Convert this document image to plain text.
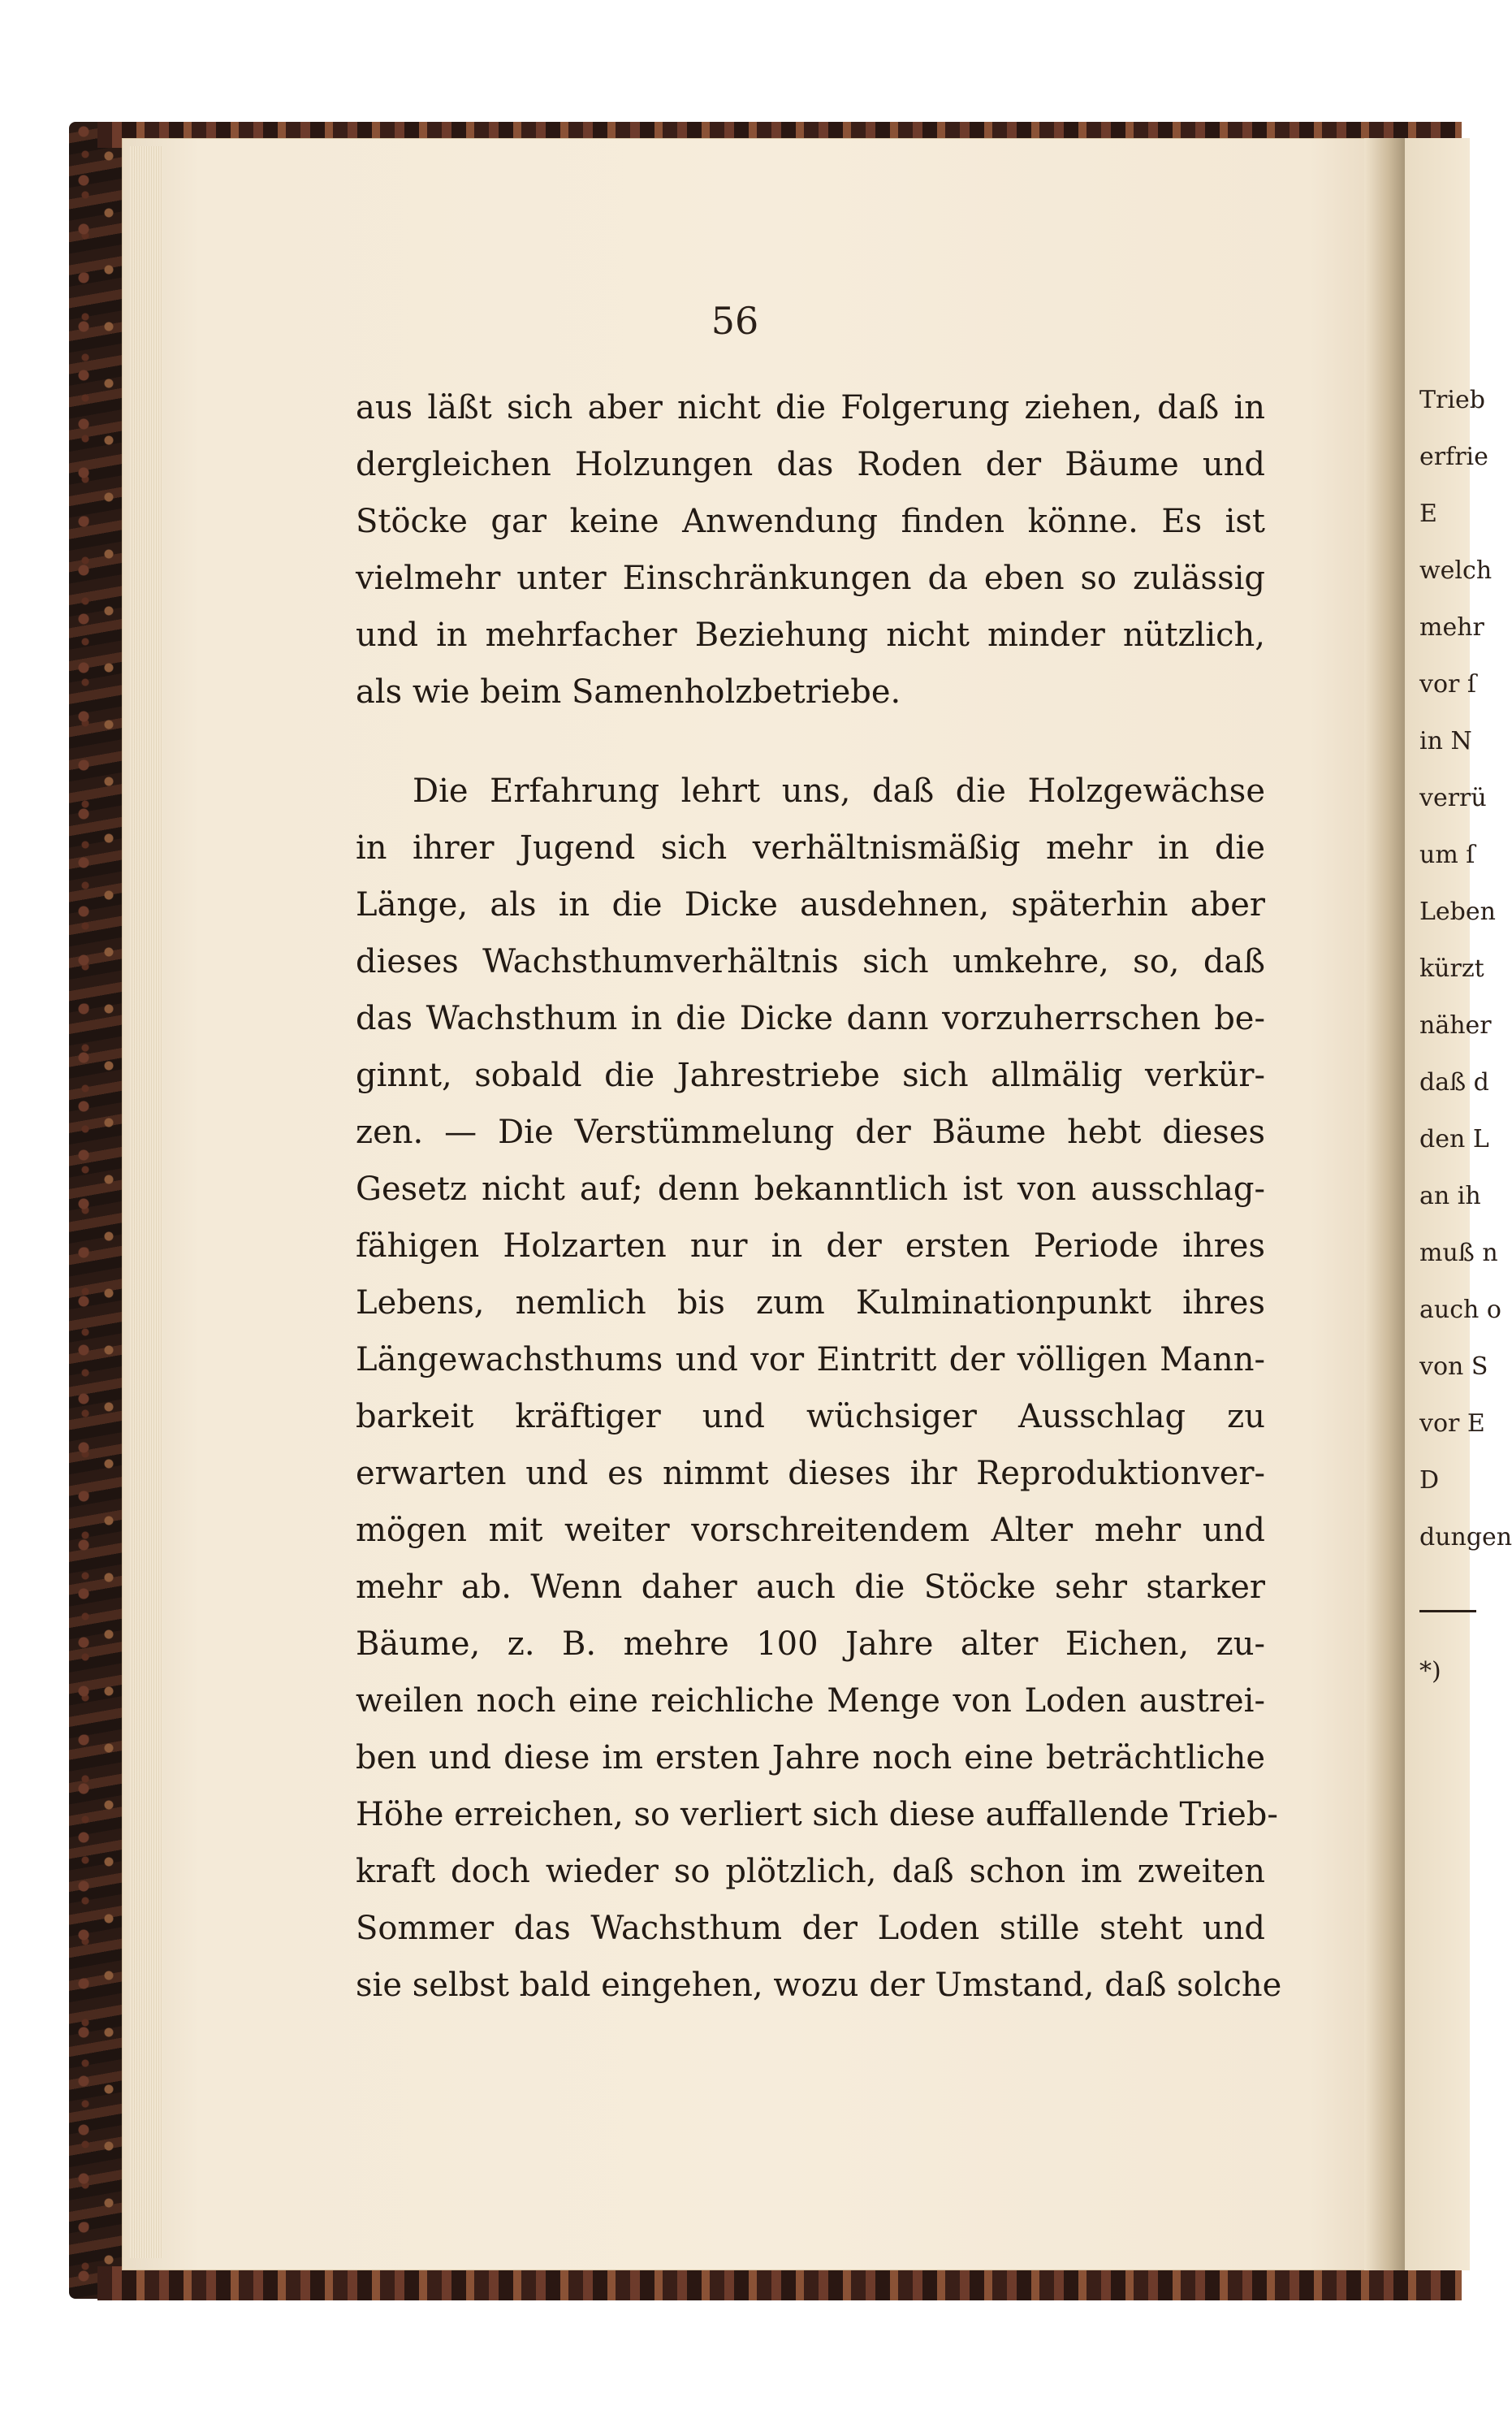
Trieb
erfrie
E
welch
mehr
vor ſ
in N
verrü
um ſ
Leben
kürzt
näher
daß d
den L
an ih
muß n
auch o
von S
vor E
D
dungen
*)
56
aus läßt sich aber nicht die Folgerung ziehen, daß in
dergleichen Holzungen das Roden der Bäume und
Stöcke gar keine Anwendung finden könne. Es ist
vielmehr unter Einschränkungen da eben so zulässig
und in mehrfacher Beziehung nicht minder nützlich,
als wie beim Samenholzbetriebe.
Die Erfahrung lehrt uns, daß die Holzgewächse
in ihrer Jugend sich verhältnismäßig mehr in die
Länge, als in die Dicke ausdehnen, späterhin aber
dieses Wachsthumverhältnis sich umkehre, so, daß
das Wachsthum in die Dicke dann vorzuherrschen be-
ginnt, sobald die Jahrestriebe sich allmälig verkür-
zen. — Die Verstümmelung der Bäume hebt dieses
Gesetz nicht auf; denn bekanntlich ist von ausschlag-
fähigen Holzarten nur in der ersten Periode ihres
Lebens, nemlich bis zum Kulminationpunkt ihres
Längewachsthums und vor Eintritt der völligen Mann-
barkeit kräftiger und wüchsiger Ausschlag zu
erwarten und es nimmt dieses ihr Reproduktionver-
mögen mit weiter vorschreitendem Alter mehr und
mehr ab. Wenn daher auch die Stöcke sehr starker
Bäume, z. B. mehre 100 Jahre alter Eichen, zu-
weilen noch eine reichliche Menge von Loden austrei-
ben und diese im ersten Jahre noch eine beträchtliche
Höhe erreichen, so verliert sich diese auffallende Trieb-
kraft doch wieder so plötzlich, daß schon im zweiten
Sommer das Wachsthum der Loden stille steht und
sie selbst bald eingehen, wozu der Umstand, daß solche
